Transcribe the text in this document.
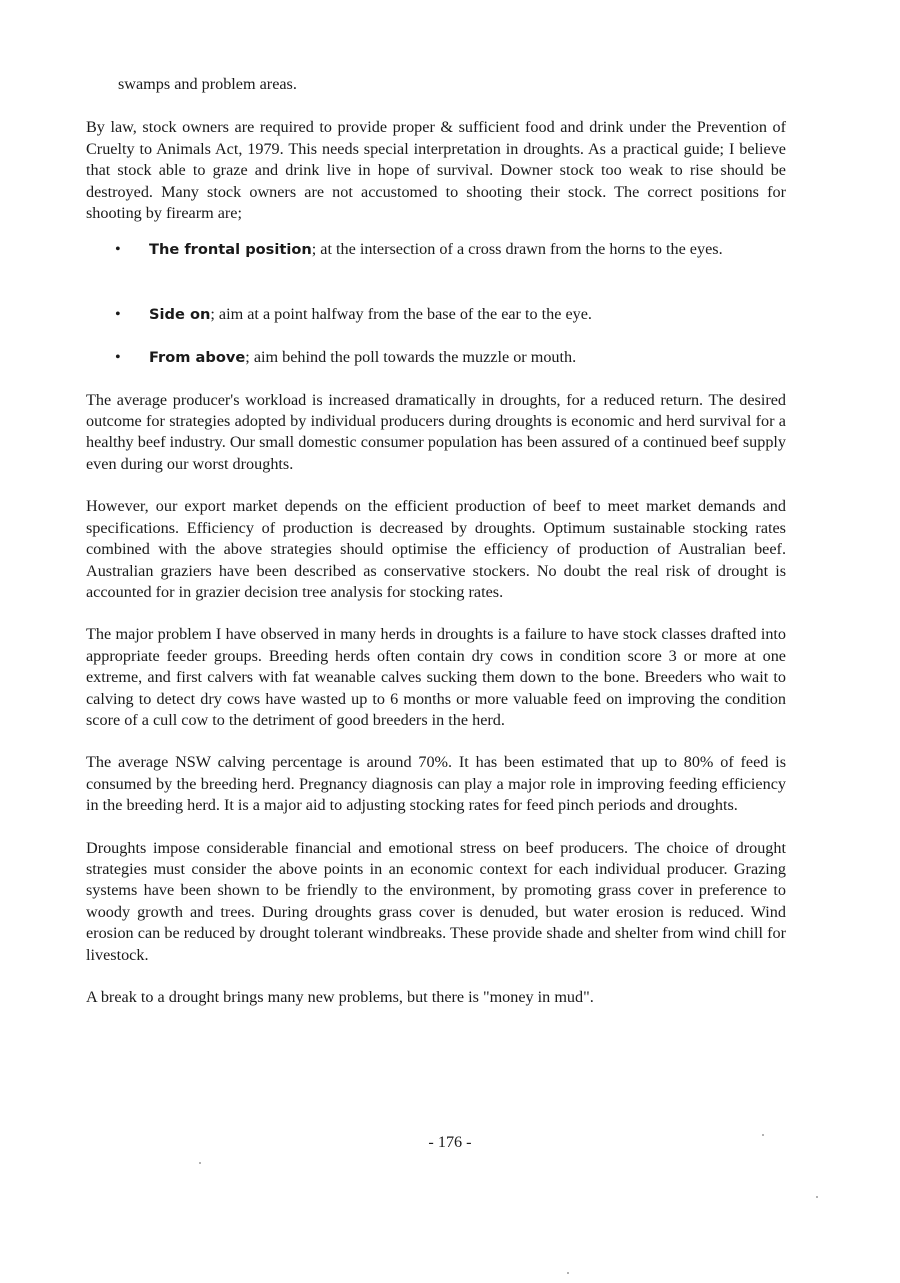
swamps and problem areas.

By law, stock owners are required to provide proper & sufficient food and drink under the Prevention of Cruelty to Animals Act, 1979. This needs special interpretation in droughts. As a practical guide; I believe that stock able to graze and drink live in hope of survival. Downer stock too weak to rise should be destroyed. Many stock owners are not accustomed to shooting their stock. The correct positions for shooting by firearm are;

• The frontal position; at the intersection of a cross drawn from the horns to the eyes.
• Side on; aim at a point halfway from the base of the ear to the eye.
• From above; aim behind the poll towards the muzzle or mouth.

The average producer's workload is increased dramatically in droughts, for a reduced return. The desired outcome for strategies adopted by individual producers during droughts is economic and herd survival for a healthy beef industry. Our small domestic consumer population has been assured of a continued beef supply even during our worst droughts.

However, our export market depends on the efficient production of beef to meet market demands and specifications. Efficiency of production is decreased by droughts. Optimum sustainable stocking rates combined with the above strategies should optimise the efficiency of production of Australian beef. Australian graziers have been described as conservative stockers. No doubt the real risk of drought is accounted for in grazier decision tree analysis for stocking rates.

The major problem I have observed in many herds in droughts is a failure to have stock classes drafted into appropriate feeder groups. Breeding herds often contain dry cows in condition score 3 or more at one extreme, and first calvers with fat weanable calves sucking them down to the bone. Breeders who wait to calving to detect dry cows have wasted up to 6 months or more valuable feed on improving the condition score of a cull cow to the detriment of good breeders in the herd.

The average NSW calving percentage is around 70%. It has been estimated that up to 80% of feed is consumed by the breeding herd. Pregnancy diagnosis can play a major role in improving feeding efficiency in the breeding herd. It is a major aid to adjusting stocking rates for feed pinch periods and droughts.

Droughts impose considerable financial and emotional stress on beef producers. The choice of drought strategies must consider the above points in an economic context for each individual producer. Grazing systems have been shown to be friendly to the environment, by promoting grass cover in preference to woody growth and trees. During droughts grass cover is denuded, but water erosion is reduced. Wind erosion can be reduced by drought tolerant windbreaks. These provide shade and shelter from wind chill for livestock.

A break to a drought brings many new problems, but there is "money in mud".

- 176 -
